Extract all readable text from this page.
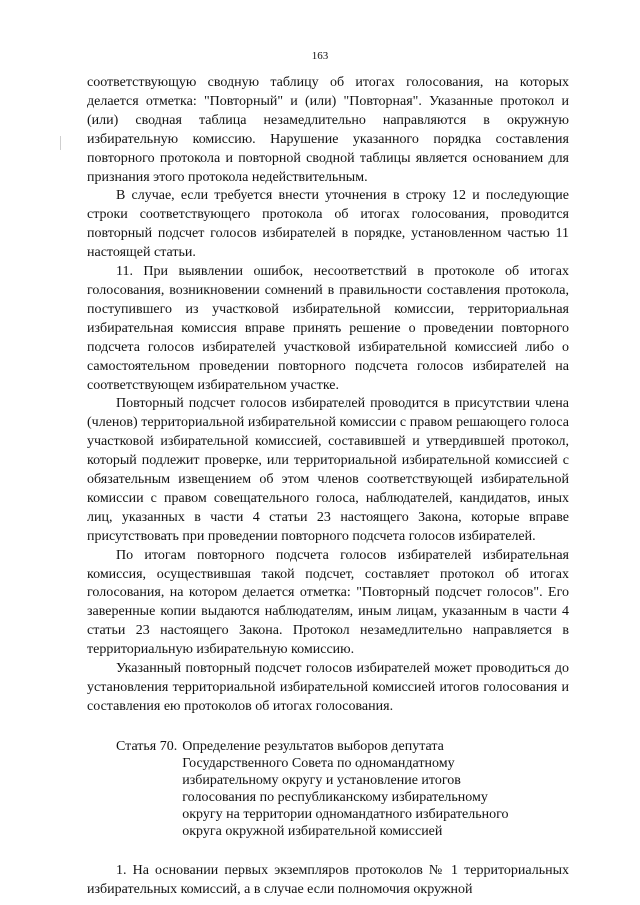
163

соответствующую сводную таблицу об итогах голосования, на которых делается отметка: "Повторный" и (или) "Повторная". Указанные протокол и (или) сводная таблица незамедлительно направляются в окружную избирательную комиссию. Нарушение указанного порядка составления повторного протокола и повторной сводной таблицы является основанием для признания этого протокола недействительным.

В случае, если требуется внести уточнения в строку 12 и последующие строки соответствующего протокола об итогах голосования, проводится повторный подсчет голосов избирателей в порядке, установленном частью 11 настоящей статьи.

11. При выявлении ошибок, несоответствий в протоколе об итогах голосования, возникновении сомнений в правильности составления протокола, поступившего из участковой избирательной комиссии, территориальная избирательная комиссия вправе принять решение о проведении повторного подсчета голосов избирателей участковой избирательной комиссией либо о самостоятельном проведении повторного подсчета голосов избирателей на соответствующем избирательном участке.

Повторный подсчет голосов избирателей проводится в присутствии члена (членов) территориальной избирательной комиссии с правом решающего голоса участковой избирательной комиссией, составившей и утвердившей протокол, который подлежит проверке, или территориальной избирательной комиссией с обязательным извещением об этом членов соответствующей избирательной комиссии с правом совещательного голоса, наблюдателей, кандидатов, иных лиц, указанных в части 4 статьи 23 настоящего Закона, которые вправе присутствовать при проведении повторного подсчета голосов избирателей.

По итогам повторного подсчета голосов избирателей избирательная комиссия, осуществившая такой подсчет, составляет протокол об итогах голосования, на котором делается отметка: "Повторный подсчет голосов". Его заверенные копии выдаются наблюдателям, иным лицам, указанным в части 4 статьи 23 настоящего Закона. Протокол незамедлительно направляется в территориальную избирательную комиссию.

Указанный повторный подсчет голосов избирателей может проводиться до установления территориальной избирательной комиссией итогов голосования и составления ею протоколов об итогах голосования.

Статья 70. Определение результатов выборов депутата
Государственного Совета по одномандатному
избирательному округу и установление итогов
голосования по республиканскому избирательному
округу на территории одномандатного избирательного
округа окружной избирательной комиссией

1. На основании первых экземпляров протоколов № 1 территориальных избирательных комиссий, а в случае если полномочия окружной
